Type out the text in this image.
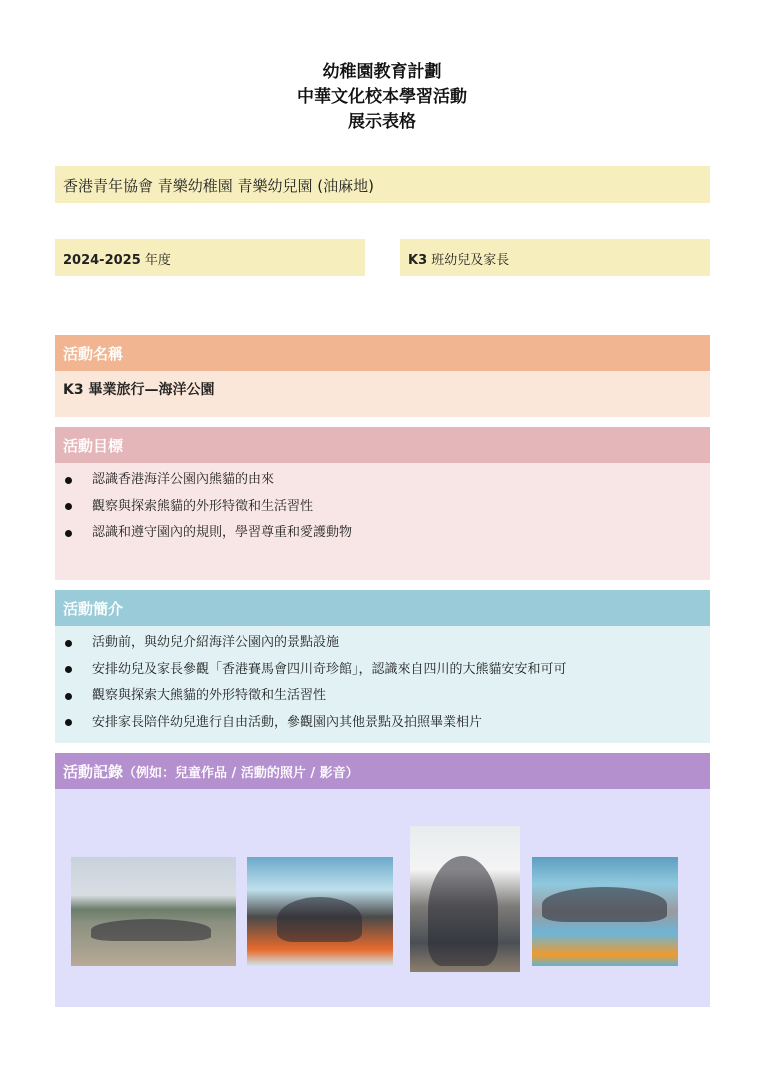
幼稚園教育計劃
中華文化校本學習活動
展示表格
香港青年協會 青樂幼稚園 青樂幼兒園 (油麻地)
2024-2025 年度	K3 班幼兒及家長
活動名稱
K3 畢業旅行—海洋公園
活動目標
認識香港海洋公園內熊貓的由來
觀察與探索熊貓的外形特徵和生活習性
認識和遵守園內的規則，學習尊重和愛護動物
活動簡介
活動前，與幼兒介紹海洋公園內的景點設施
安排幼兒及家長參觀「香港賽馬會四川奇珍館」，認識來自四川的大熊貓安安和可可
觀察與探索大熊貓的外形特徵和生活習性
安排家長陪伴幼兒進行自由活動，參觀園內其他景點及拍照畢業相片
活動記錄（例如：兒童作品 / 活動的照片 / 影音）
